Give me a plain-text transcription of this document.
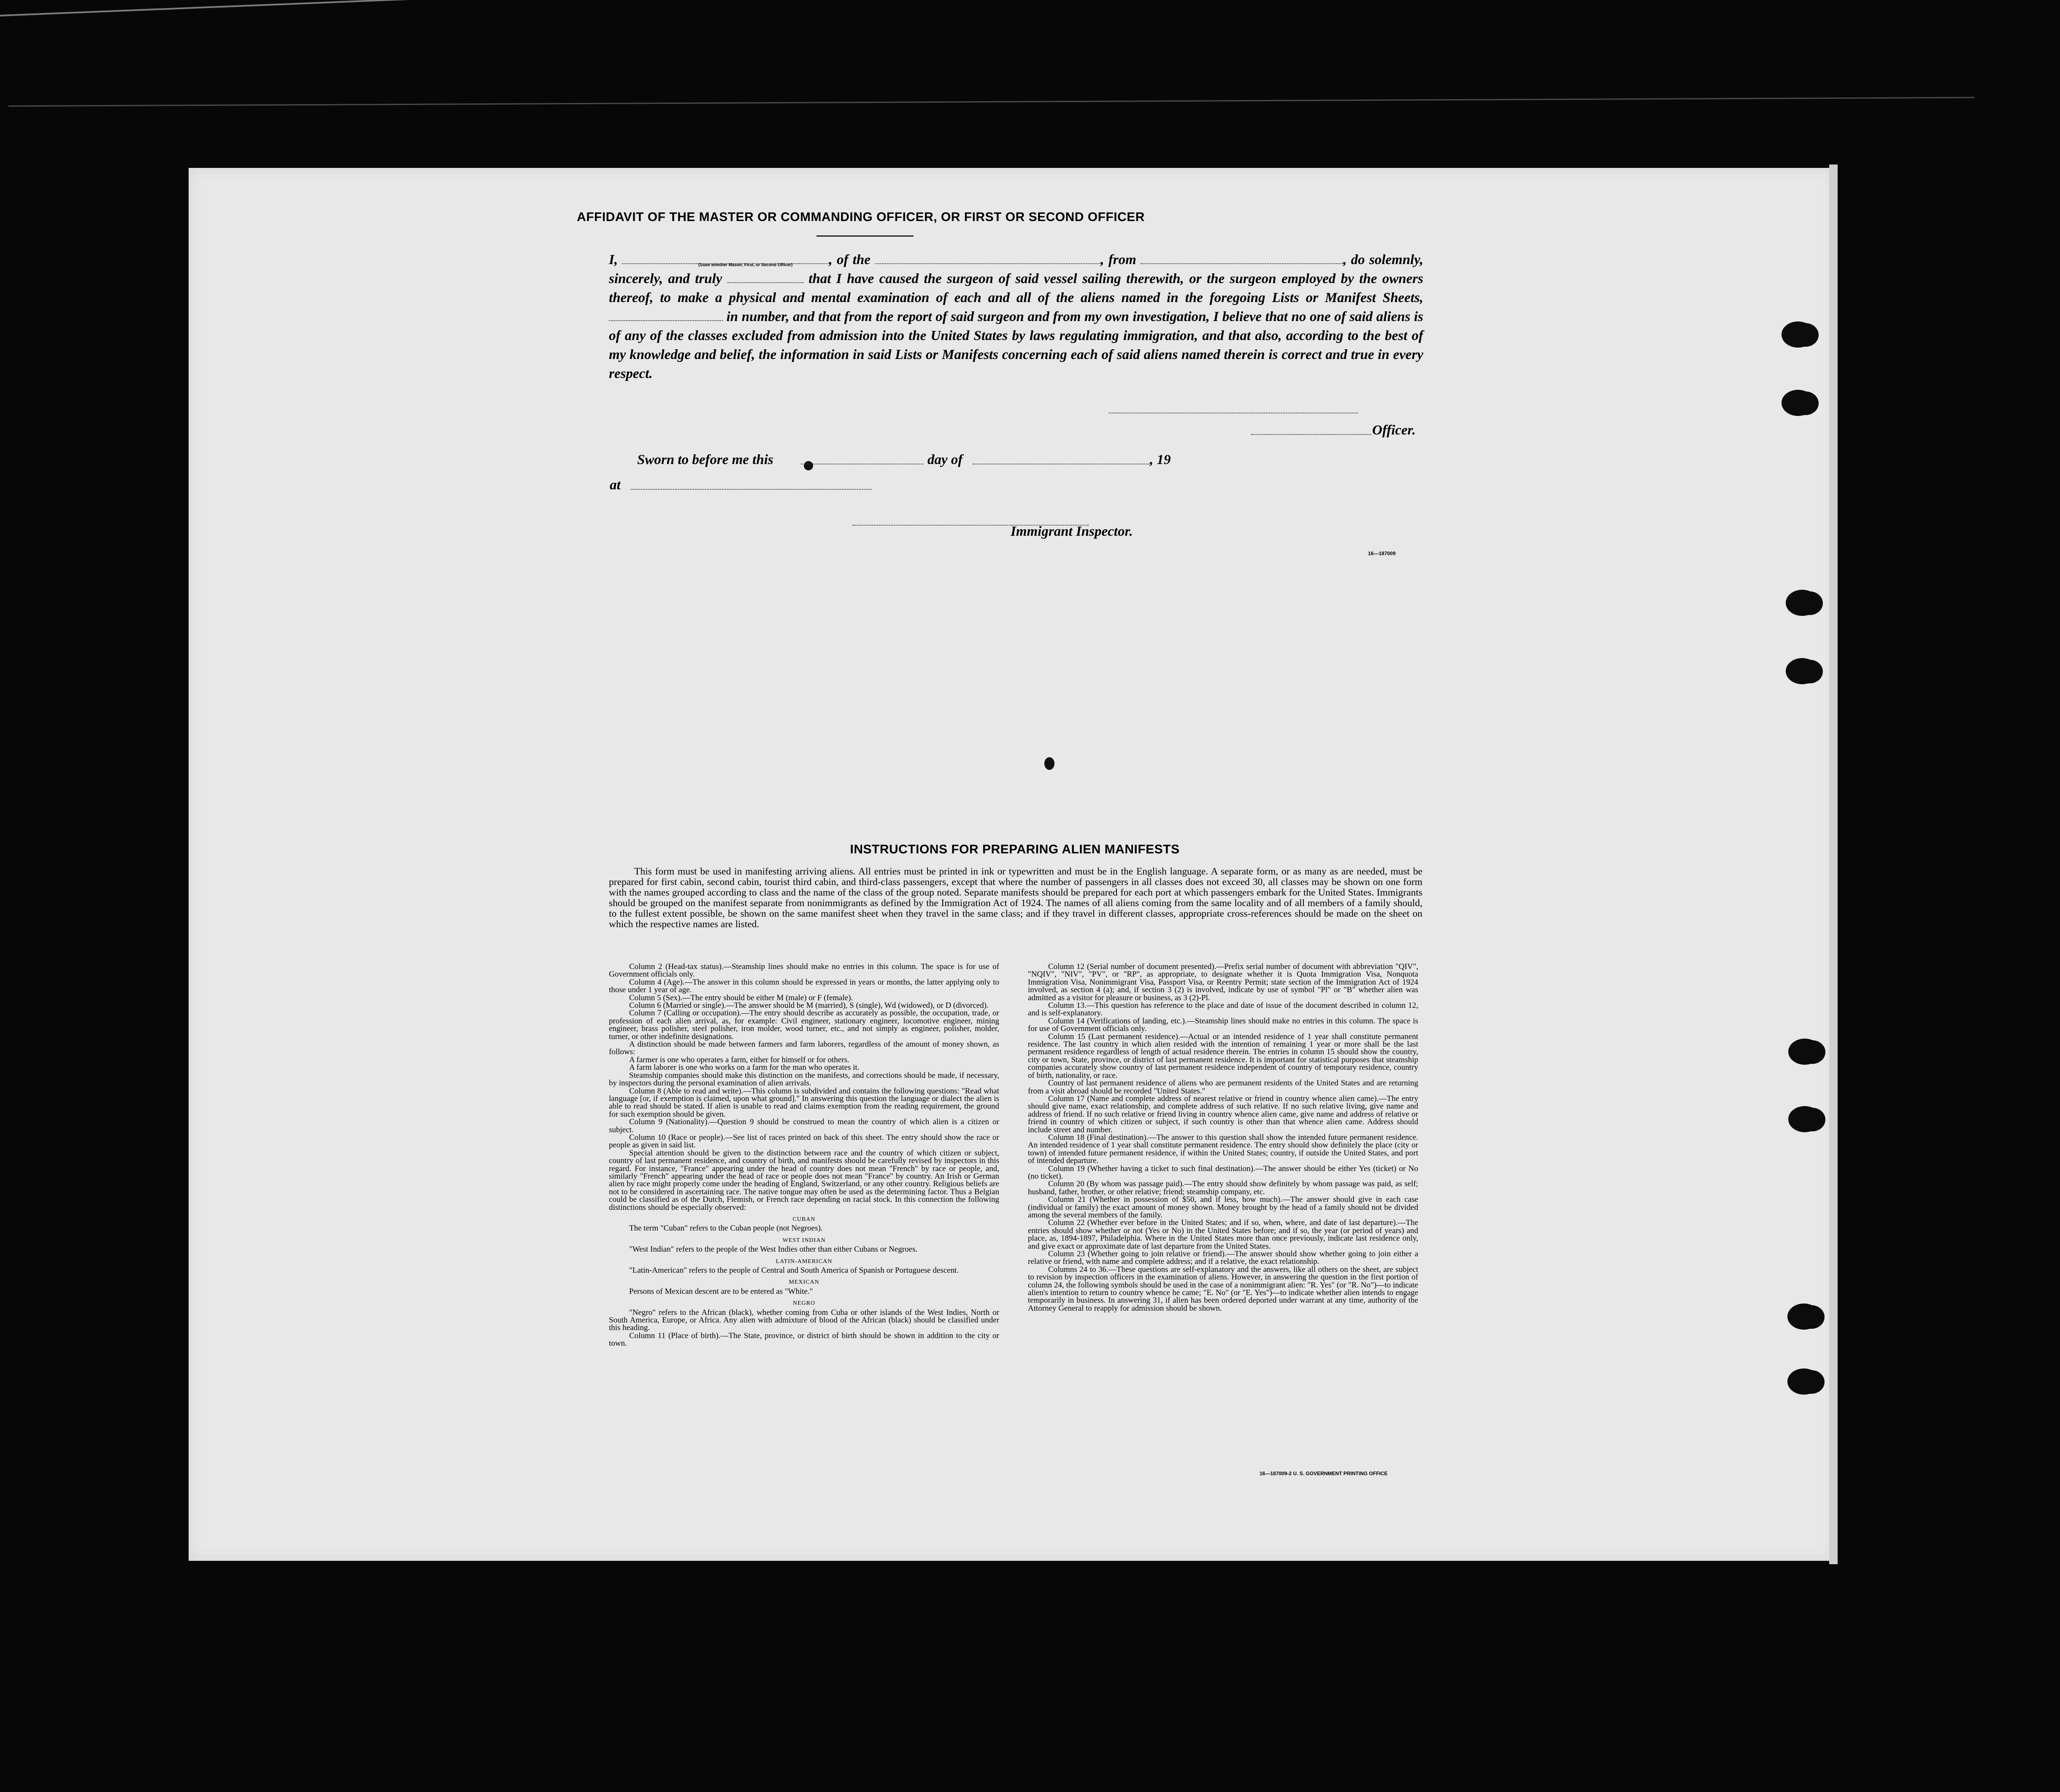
AFFIDAVIT OF THE MASTER OR COMMANDING OFFICER, OR FIRST OR SECOND OFFICER
(State whether Master, First, or Second Officer)
I,	, of the	, from	, do solemnly, sincerely, and truly	that I have caused the surgeon of said vessel sailing therewith, or the surgeon employed by the owners thereof, to make a physical and mental examination of each and all of the aliens named in the foregoing Lists or Manifest Sheets,  in number, and that from the report of said surgeon and from my own investigation, I believe that no one of said aliens is of any of the classes excluded from admission into the United States by laws regulating immigration, and that also, according to the best of my knowledge and belief, the information in said Lists or Manifests concerning each of said aliens named therein is correct and true in every respect.
Officer.
Sworn to before me this	day of	, 19
at
Immigrant Inspector.
16—187009
INSTRUCTIONS FOR PREPARING ALIEN MANIFESTS
This form must be used in manifesting arriving aliens. All entries must be printed in ink or typewritten and must be in the English language. A separate form, or as many as are needed, must be prepared for first cabin, second cabin, tourist third cabin, and third-class passengers, except that where the number of passengers in all classes does not exceed 30, all classes may be shown on one form with the names grouped according to class and the name of the class of the group noted. Separate manifests should be prepared for each port at which passengers embark for the United States. Immigrants should be grouped on the manifest separate from nonimmigrants as defined by the Immigration Act of 1924. The names of all aliens coming from the same locality and of all members of a family should, to the fullest extent possible, be shown on the same manifest sheet when they travel in the same class; and if they travel in different classes, appropriate cross-references should be made on the sheet on which the respective names are listed.

Column 2 (Head-tax status).—Steamship lines should make no entries in this column. The space is for use of Government officials only.

Column 4 (Age).—The answer in this column should be expressed in years or months, the latter applying only to those under 1 year of age.

Column 5 (Sex).—The entry should be either M (male) or F (female).

Column 6 (Married or single).—The answer should be M (married), S (single), Wd (widowed), or D (divorced).

Column 7 (Calling or occupation).—The entry should describe as accurately as possible, the occupation, trade, or profession of each alien arrival, as, for example: Civil engineer, stationary engineer, locomotive engineer, mining engineer, brass polisher, steel polisher, iron molder, wood turner, etc., and not simply as engineer, polisher, molder, turner, or other indefinite designations.

A distinction should be made between farmers and farm laborers, regardless of the amount of money shown, as follows:

A farmer is one who operates a farm, either for himself or for others.

A farm laborer is one who works on a farm for the man who operates it.

Steamship companies should make this distinction on the manifests, and corrections should be made, if necessary, by inspectors during the personal examination of alien arrivals.

Column 8 (Able to read and write).—This column is subdivided and contains the following questions: "Read what language [or, if exemption is claimed, upon what ground]." In answering this question the language or dialect the alien is able to read should be stated. If alien is unable to read and claims exemption from the reading requirement, the ground for such exemption should be given.

Column 9 (Nationality).—Question 9 should be construed to mean the country of which alien is a citizen or subject.

Column 10 (Race or people).—See list of races printed on back of this sheet. The entry should show the race or people as given in said list.

Special attention should be given to the distinction between race and the country of which citizen or subject, country of last permanent residence, and country of birth, and manifests should be carefully revised by inspectors in this regard. For instance, "France" appearing under the head of country does not mean "French" by race or people, and, similarly "French" appearing under the head of race or people does not mean "France" by country. An Irish or German alien by race might properly come under the heading of England, Switzerland, or any other country. Religious beliefs are not to be considered in ascertaining race. The native tongue may often be used as the determining factor. Thus a Belgian could be classified as of the Dutch, Flemish, or French race depending on racial stock. In this connection the following distinctions should be especially observed:

CUBAN

The term "Cuban" refers to the Cuban people (not Negroes).

WEST INDIAN

"West Indian" refers to the people of the West Indies other than either Cubans or Negroes.

LATIN-AMERICAN

"Latin-American" refers to the people of Central and South America of Spanish or Portuguese descent.

MEXICAN

Persons of Mexican descent are to be entered as "White."

NEGRO

"Negro" refers to the African (black), whether coming from Cuba or other islands of the West Indies, North or South America, Europe, or Africa. Any alien with admixture of blood of the African (black) should be classified under this heading.

Column 11 (Place of birth).—The State, province, or district of birth should be shown in addition to the city or town.

Column 12 (Serial number of document presented).—Prefix serial number of document with abbreviation "QIV", "NQIV", "NIV", "PV", or "RP", as appropriate, to designate whether it is Quota Immigration Visa, Nonquota Immigration Visa, Nonimmigrant Visa, Passport Visa, or Reentry Permit; state section of the Immigration Act of 1924 involved, as section 4 (a); and, if section 3 (2) is involved, indicate by use of symbol "Pl" or "B" whether alien was admitted as a visitor for pleasure or business, as 3 (2)-Pl.

Column 13.—This question has reference to the place and date of issue of the document described in column 12, and is self-explanatory.

Column 14 (Verifications of landing, etc.).—Steamship lines should make no entries in this column. The space is for use of Government officials only.

Column 15 (Last permanent residence).—Actual or an intended residence of 1 year shall constitute permanent residence. The last country in which alien resided with the intention of remaining 1 year or more shall be the last permanent residence regardless of length of actual residence therein. The entries in column 15 should show the country, city or town, State, province, or district of last permanent residence. It is important for statistical purposes that steamship companies accurately show country of last permanent residence independent of country of temporary residence, country of birth, nationality, or race.

Country of last permanent residence of aliens who are permanent residents of the United States and are returning from a visit abroad should be recorded "United States."

Column 17 (Name and complete address of nearest relative or friend in country whence alien came).—The entry should give name, exact relationship, and complete address of such relative. If no such relative living, give name and address of friend. If no such relative or friend living in country whence alien came, give name and address of relative or friend in country of which citizen or subject, if such country is other than that whence alien came. Address should include street and number.

Column 18 (Final destination).—The answer to this question shall show the intended future permanent residence. An intended residence of 1 year shall constitute permanent residence. The entry should show definitely the place (city or town) of intended future permanent residence, if within the United States; country, if outside the United States, and port of intended departure.

Column 19 (Whether having a ticket to such final destination).—The answer should be either Yes (ticket) or No (no ticket).

Column 20 (By whom was passage paid).—The entry should show definitely by whom passage was paid, as self; husband, father, brother, or other relative; friend; steamship company, etc.

Column 21 (Whether in possession of $50, and if less, how much).—The answer should give in each case (individual or family) the exact amount of money shown. Money brought by the head of a family should not be divided among the several members of the family.

Column 22 (Whether ever before in the United States; and if so, when, where, and date of last departure).—The entries should show whether or not (Yes or No) in the United States before; and if so, the year (or period of years) and place, as, 1894-1897, Philadelphia. Where in the United States more than once previously, indicate last residence only, and give exact or approximate date of last departure from the United States.

Column 23 (Whether going to join relative or friend).—The answer should show whether going to join either a relative or friend, with name and complete address; and if a relative, the exact relationship.

Columns 24 to 36.—These questions are self-explanatory and the answers, like all others on the sheet, are subject to revision by inspection officers in the examination of aliens. However, in answering the question in the first portion of column 24, the following symbols should be used in the case of a nonimmigrant alien: "R. Yes" (or "R. No")—to indicate alien's intention to return to country whence he came; "E. No" (or "E. Yes")—to indicate whether alien intends to engage temporarily in business. In answering 31, if alien has been ordered deported under warrant at any time, authority of the Attorney General to reapply for admission should be shown.

16—187009-2 U. S. GOVERNMENT PRINTING OFFICE
